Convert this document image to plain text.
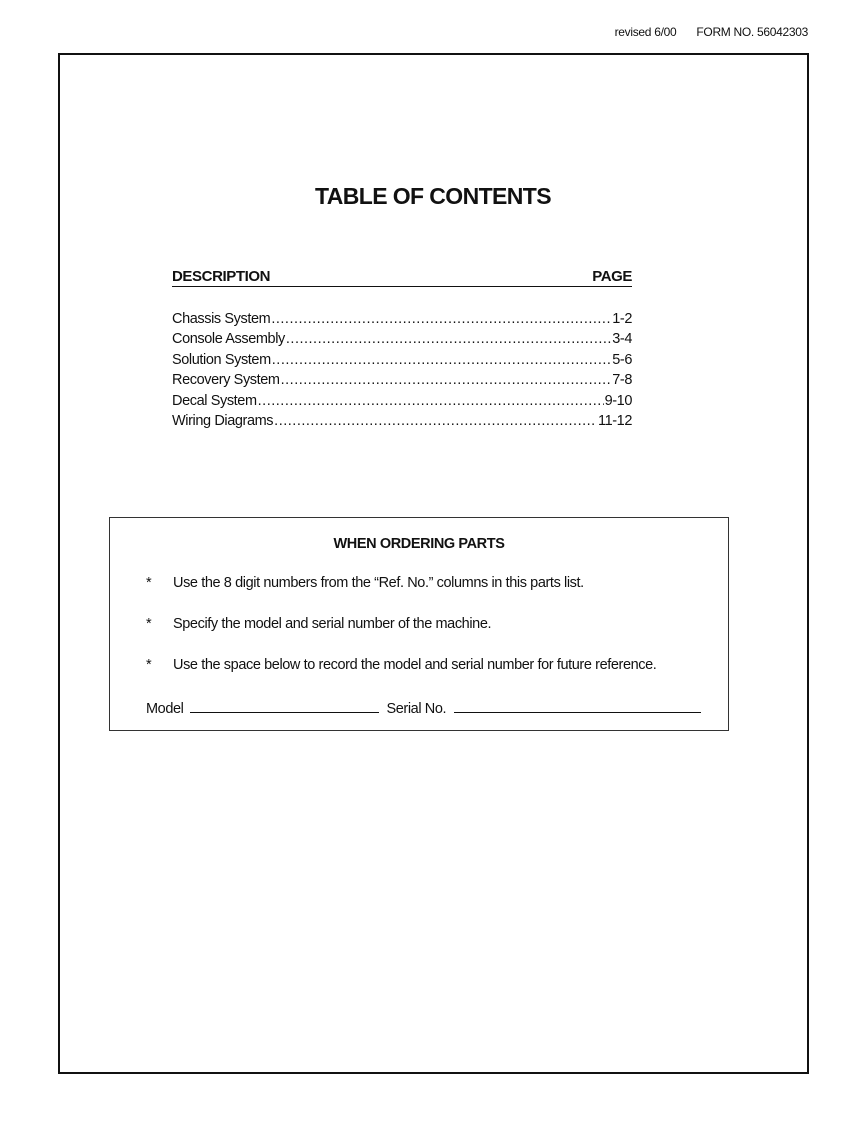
revised 6/00 FORM NO. 56042303
TABLE OF CONTENTS
DESCRIPTION	PAGE
Chassis System .....	1-2
Console Assembly .....	3-4
Solution System .....	5-6
Recovery System .....	7-8
Decal System .....	9-10
Wiring Diagrams .....	11-12
WHEN ORDERING PARTS
*	Use the 8 digit numbers from the “Ref. No.” columns in this parts list.
*	Specify the model and serial number of the machine.
*	Use the space below to record the model and serial number for future reference.
Model	Serial No.
